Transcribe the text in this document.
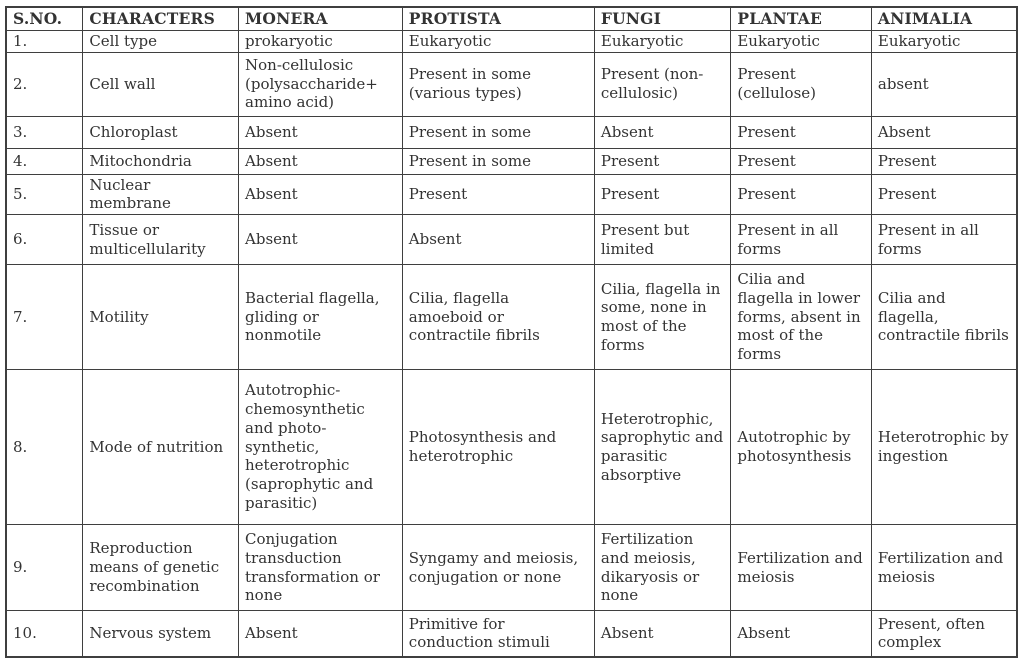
S.NO.	CHARACTERS	MONERA	PROTISTA	FUNGI	PLANTAE	ANIMALIA
1.	Cell type	prokaryotic	Eukaryotic	Eukaryotic	Eukaryotic	Eukaryotic
2.	Cell wall	Non-cellulosic (polysaccharide+ amino acid)	Present in some (various types)	Present (non-cellulosic)	Present (cellulose)	absent
3.	Chloroplast	Absent	Present in some	Absent	Present	Absent
4.	Mitochondria	Absent	Present in some	Present	Present	Present
5.	Nuclear membrane	Absent	Present	Present	Present	Present
6.	Tissue or multicellularity	Absent	Absent	Present but limited	Present in all forms	Present in all forms
7.	Motility	Bacterial flagella, gliding or nonmotile	Cilia, flagella amoeboid or contractile fibrils	Cilia, flagella in some, none in most of the forms	Cilia and flagella in lower forms, absent in most of the forms	Cilia and flagella, contractile fibrils
8.	Mode of nutrition	Autotrophic-chemosynthetic and photo-synthetic, heterotrophic (saprophytic and parasitic)	Photosynthesis and heterotrophic	Heterotrophic, saprophytic and parasitic absorptive	Autotrophic by photosynthesis	Heterotrophic by ingestion
9.	Reproduction means of genetic recombination	Conjugation transduction transformation or none	Syngamy and meiosis, conjugation or none	Fertilization and meiosis, dikaryosis or none	Fertilization and meiosis	Fertilization and meiosis
10.	Nervous system	Absent	Primitive for conduction stimuli	Absent	Absent	Present, often complex
